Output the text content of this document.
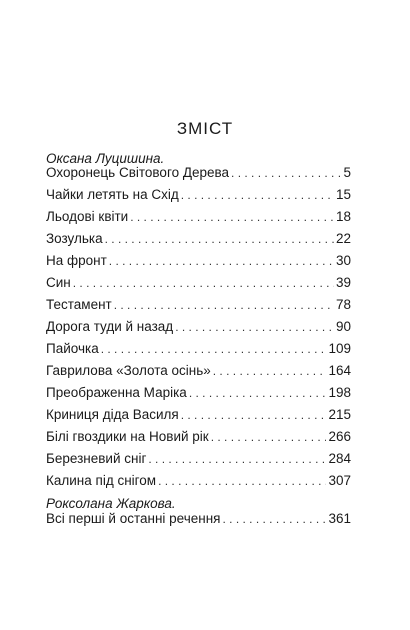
ЗМІСТ
Оксана Луцишина.
Охоронець Світового Дерева . . .	5
Чайки летять на Схід . . .	15
Льодові квіти . . .	18
Зозулька . . .	22
На фронт . . .	30
Син . . .	39
Тестамент . . .	78
Дорога туди й назад . . .	90
Пайочка . . .	109
Гаврилова «Золота осінь» . . .	164
Преображенна Маріка . . .	198
Криниця діда Василя . . .	215
Білі гвоздики на Новий рік . . .	266
Березневий сніг . . .	284
Калина під снігом . . .	307
Роксолана Жаркова.
Всі перші й останні речення . . .	361
